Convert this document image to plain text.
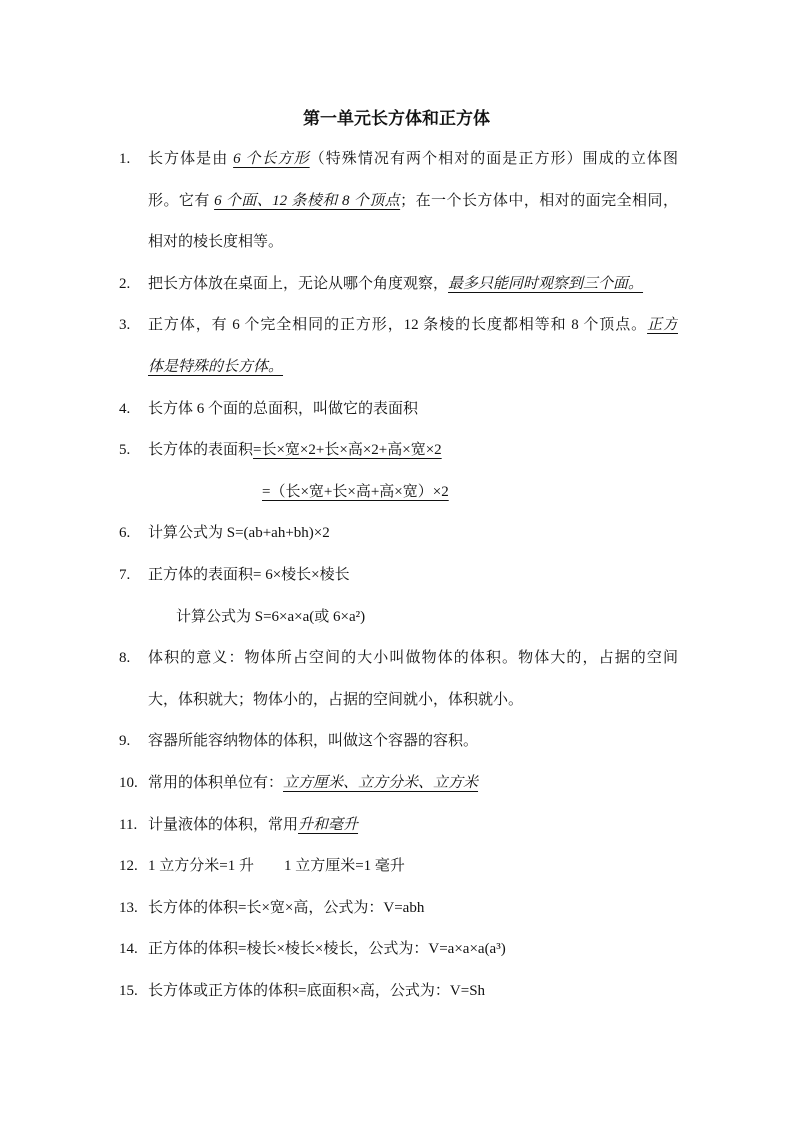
第一单元长方体和正方体
1. 长方体是由 6 个长方形（特殊情况有两个相对的面是正方形）围成的立体图
形。它有 6 个面、12 条棱和 8 个顶点；在一个长方体中，相对的面完全相同，
相对的棱长度相等。
2. 把长方体放在桌面上，无论从哪个角度观察，最多只能同时观察到三个面。
3. 正方体，有 6 个完全相同的正方形，12 条棱的长度都相等和 8 个顶点。正方
体是特殊的长方体。
4. 长方体 6 个面的总面积，叫做它的表面积
5. 长方体的表面积=长×宽×2+长×高×2+高×宽×2
=（长×宽+长×高+高×宽）×2
6. 计算公式为 S=(ab+ah+bh)×2
7. 正方体的表面积= 6×棱长×棱长
计算公式为 S=6×a×a(或 6×a²)
8. 体积的意义：物体所占空间的大小叫做物体的体积。物体大的，占据的空间
大，体积就大；物体小的，占据的空间就小，体积就小。
9. 容器所能容纳物体的体积，叫做这个容器的容积。
10. 常用的体积单位有：立方厘米、立方分米、立方米
11. 计量液体的体积，常用升和毫升
12. 1 立方分米=1 升        1 立方厘米=1 毫升
13. 长方体的体积=长×宽×高，公式为：V=abh
14. 正方体的体积=棱长×棱长×棱长，公式为：V=a×a×a(a³)
15. 长方体或正方体的体积=底面积×高，公式为：V=Sh
